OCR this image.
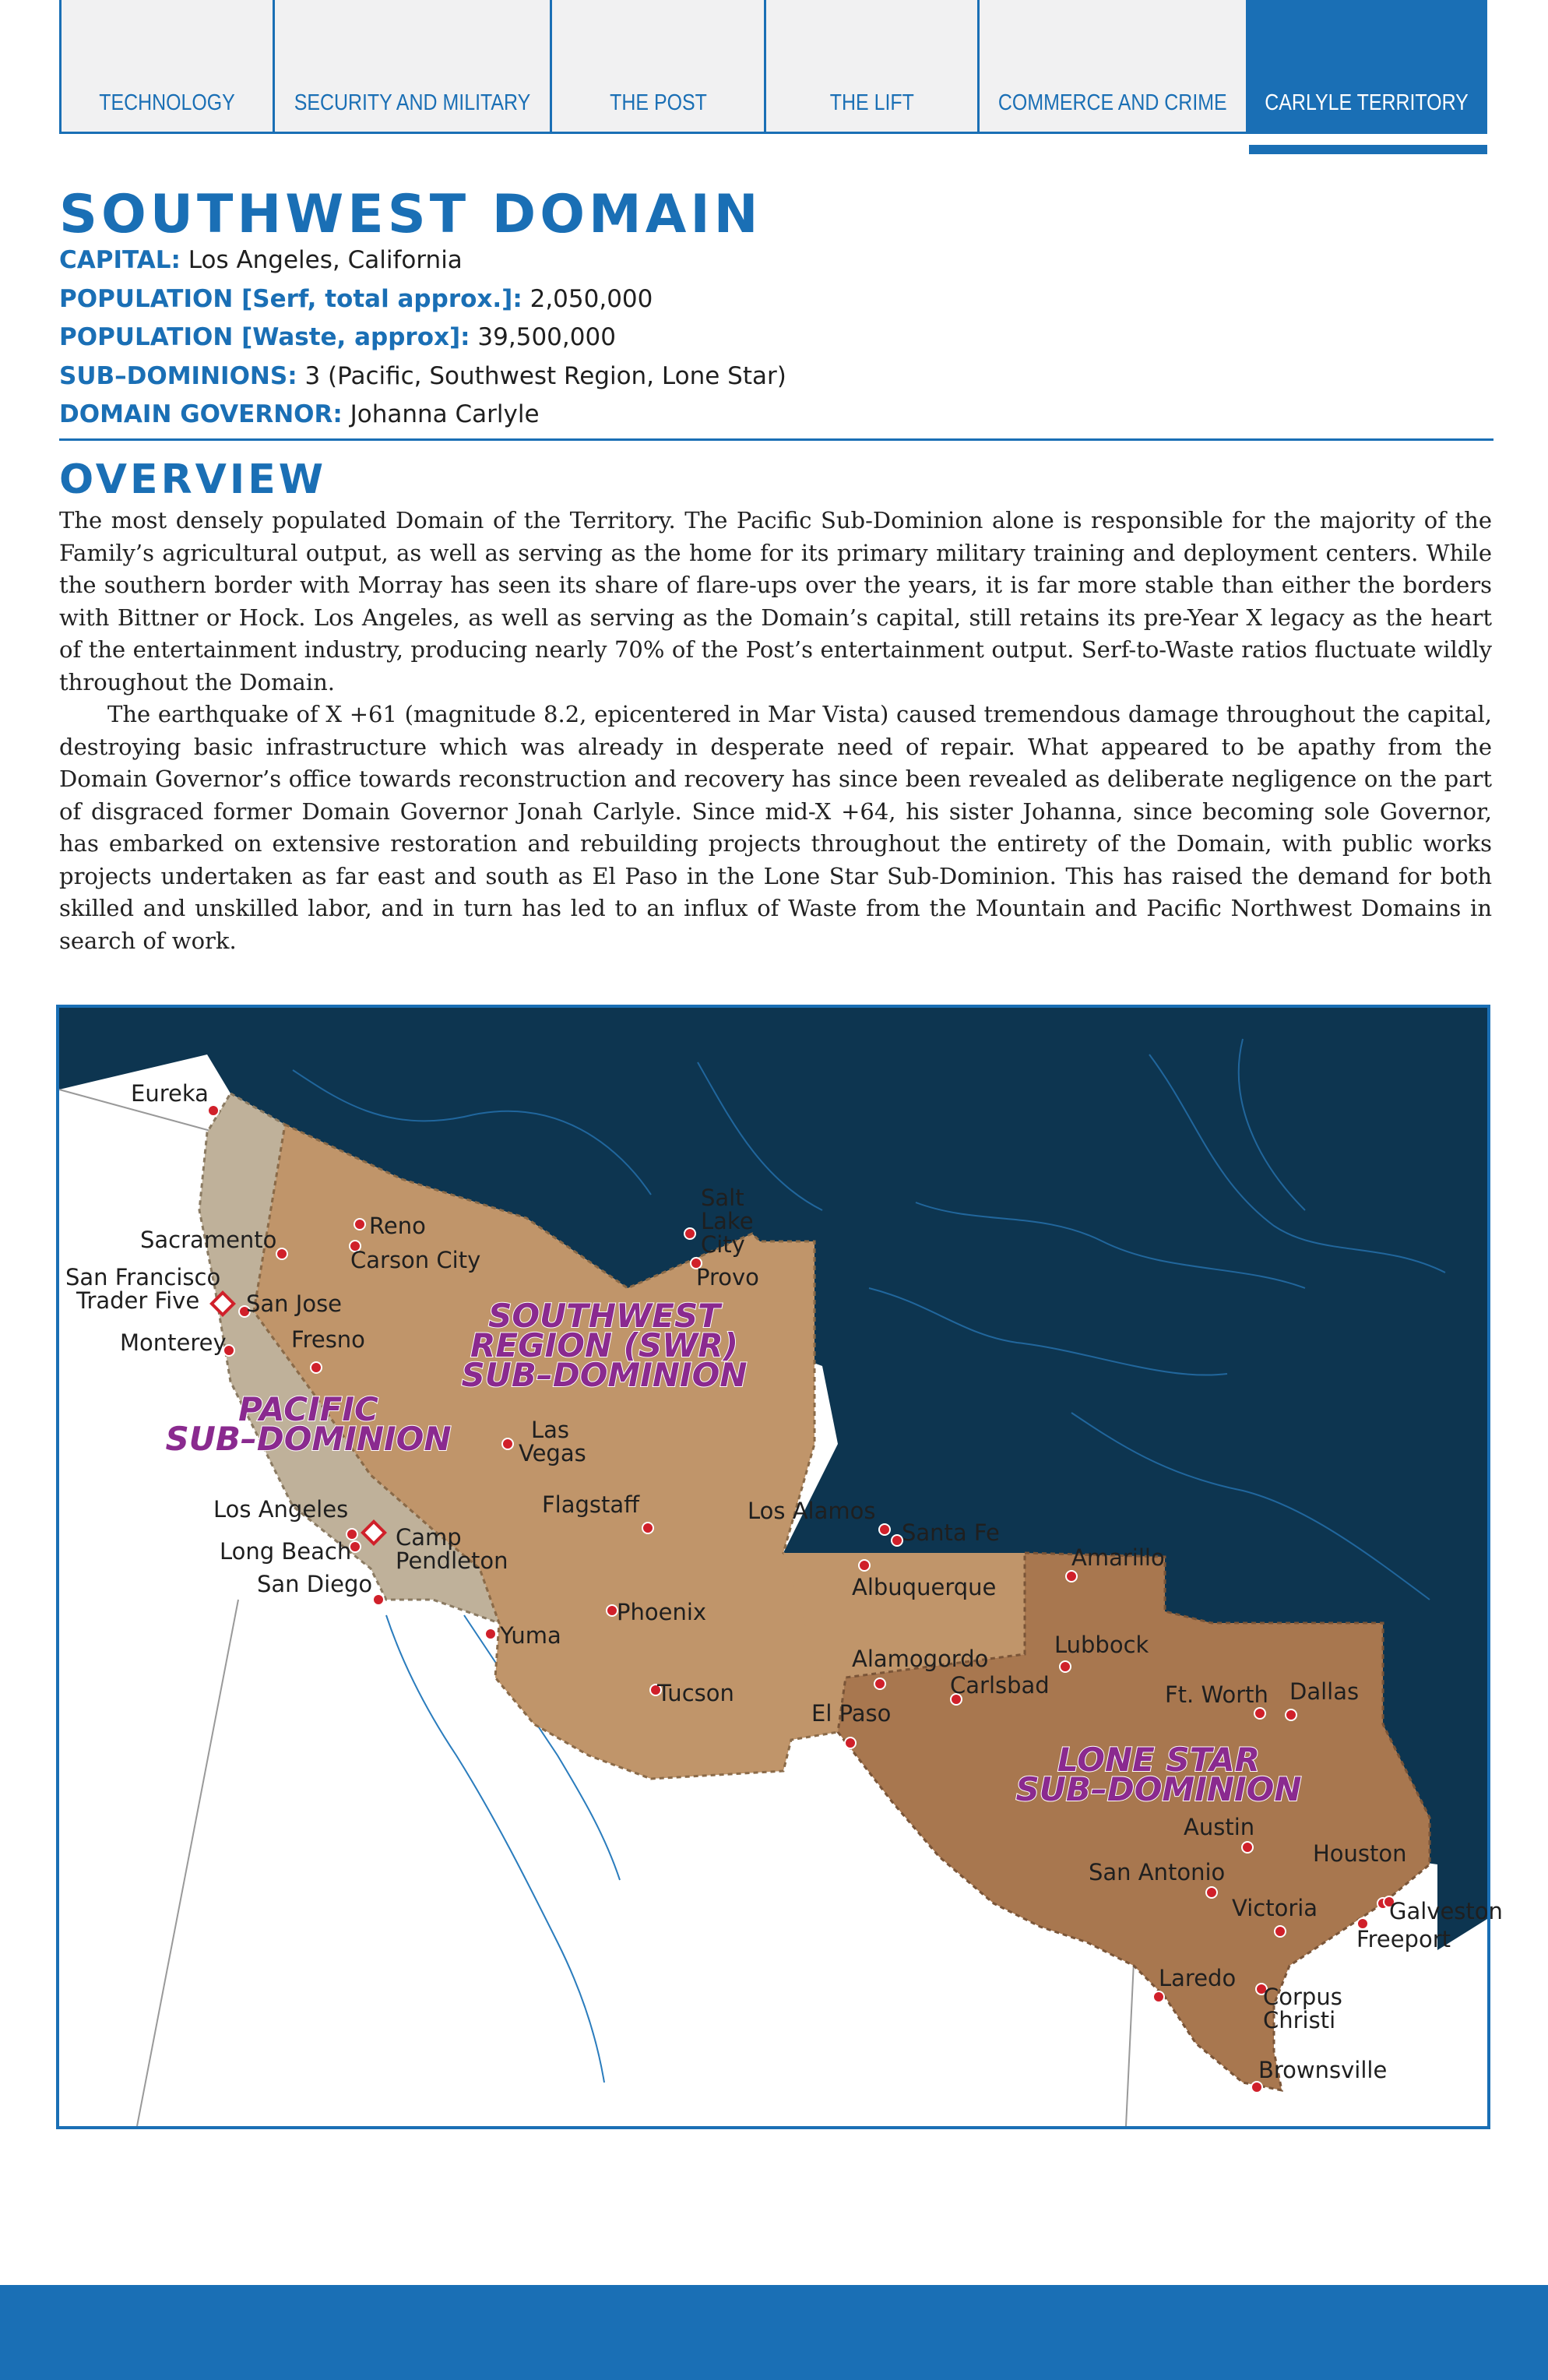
TECHNOLOGY	SECURITY AND MILITARY	THE POST	THE LIFT	COMMERCE AND CRIME CARLYLE TERRITORY
SOUTHWEST DOMAIN
CAPITAL: Los Angeles, California
POPULATION [Serf, total approx.]: 2,050,000
POPULATION [Waste, approx]: 39,500,000
SUB–DOMINIONS: 3 (Pacific, Southwest Region, Lone Star)
DOMAIN GOVERNOR: Johanna Carlyle
OVERVIEW

The most densely populated Domain of the Territory. The Pacific Sub-Dominion alone is responsible for the majority of the Family’s agricultural output, as well as serving as the home for its primary military training and deployment centers. While the southern border with Morray has seen its share of flare-ups over the years, it is far more stable than either the borders with Bittner or Hock. Los Angeles, as well as serving as the Domain’s capital, still retains its pre-Year X legacy as the heart of the entertainment industry, producing nearly 70% of the Post’s entertainment output. Serf-to-Waste ratios fluctuate wildly throughout the Domain.

The earthquake of X +61 (magnitude 8.2, epicentered in Mar Vista) caused tremendous damage throughout the capital, destroying basic infrastructure which was already in desperate need of repair. What appeared to be apathy from the Domain Governor’s office towards reconstruction and recovery has since been revealed as deliberate negligence on the part of disgraced former Domain Governor Jonah Carlyle. Since mid-X +64, his sister Johanna, since becoming sole Governor, has embarked on extensive restoration and rebuilding projects throughout the entirety of the Domain, with public works projects undertaken as far east and south as El Paso in the Lone Star Sub-Dominion. This has raised the demand for both skilled and unskilled labor, and in turn has led to an influx of Waste from the Mountain and Pacific Northwest Domains in search of work.

SOUTHWEST
REGION (SWR)
SUB–DOMINION
PACIFIC
SUB–DOMINION
LONE STAR
SUB–DOMINION
Eureka
Sacramento
San Francisco
Trader Five San Jose
Monterey	Fresno
Reno
Carson City
Salt
Lake
City
Provo
Las
Vegas
Flagstaff
Los Angeles
Long Beach
Camp
Pendleton
San Diego
Yuma
Phoenix
Tucson
Los Alamos
Santa Fe
Albuquerque
Alamogordo
Carlsbad
El Paso
Amarillo
Lubbock
Ft. Worth Dallas
Austin
Houston
San Antonio
Victoria	Galveston
Freeport
Laredo
Corpus
Christi
Brownsville
